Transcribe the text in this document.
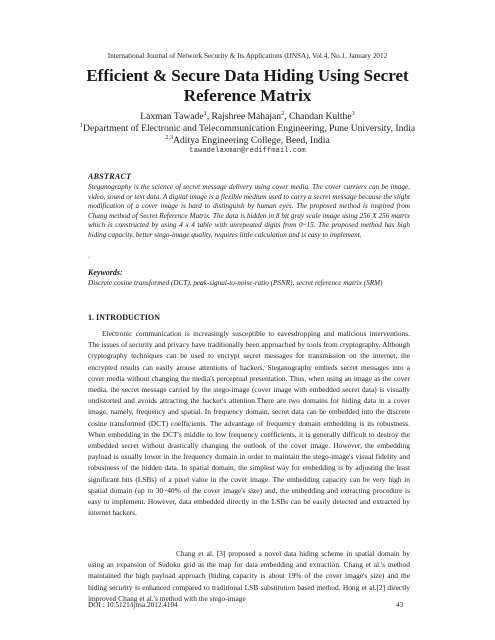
International Journal of Network Security & Its Applications (IJNSA), Vol.4, No.1, January 2012
Efficient & Secure Data Hiding Using Secret Reference Matrix
Laxman Tawade$^1$, Rajshree Mahajan$^2$, Chandan Kulthe$^3$
$^1$Department of Electronic and Telecommunication Engineering, Pune University, India
$^{2,3}$Aditya Engineering College, Beed, India
tawadelaxman@rediffmail.com
ABSTRACT
Steganography is the science of secret message delivery using cover media. The cover carriers can be image, video, sound or text data. A digital image is a flexible medium used to carry a secret message because the slight modification of a cover image is hard to distinguish by human eyes. The proposed method is inspired from Chang method of Secret Reference Matrix. The data is hidden in 8 bit gray scale image using 256 X 256 matrix which is constructed by using 4 x 4 table with unrepeated digits from 0~15. The proposed method has high hiding capacity, better stego-image quality, requires little calculation and is easy to implement.
.
Keywords:
Discrete cosine transformed (DCT), peak-signal-to-noise-ratio (PSNR), secret reference matrix (SRM)
1. INTRODUCTION
Electronic communication is increasingly susceptible to eavesdropping and malicious interventions. The issues of security and privacy have traditionally been approached by tools from cryptography. Although cryptography techniques can be used to encrypt secret messages for transmission on the internet, the encrypted results can easily arouse attentions of hackers. Steganography embeds secret messages into a cover media without changing the media's perceptual presentation. Thus, when using an image as the cover media, the secret message carried by the stego-image (cover image with embedded secret data) is visually undistorted and avoids attracting the hacker's attention.There are two domains for hiding data in a cover image, namely, frequency and spatial. In frequency domain, secret data can be embedded into the discrete cosine transformed (DCT) coefficients. The advantage of frequency domain embedding is its robustness. When embedding in the DCT's middle to low frequency coefficients, it is generally difficult to destroy the embedded secret without drastically changing the outlook of the cover image. However, the embedding payload is usually lower in the frequency domain in order to maintain the stego-image's visual fidelity and robustness of the hidden data. In spatial domain, the simplest way for embedding is by adjusting the least significant bits (LSBs) of a pixel value in the cover image. The embedding capacity can be very high in spatial domain (up to 30~40% of the cover image's size) and, the embedding and extracting procedure is easy to implement. However, data embedded directly in the LSBs can be easily detected and extracted by internet hackers.
Chang et al. [3] proposed a novel data hiding scheme in spatial domain by using an expansion of Sudoku grid as the map for data embedding and extraction. Chang et al.'s method maintained the high payload approach (hiding capacity is about 19% of the cover image's size) and the hiding security is enhanced compared to traditional LSB substitution based method. Hong et al.[2] directly improved Chang et al.'s method with the stego-image
DOI : 10.5121/ijnsa.2012.4104	43
